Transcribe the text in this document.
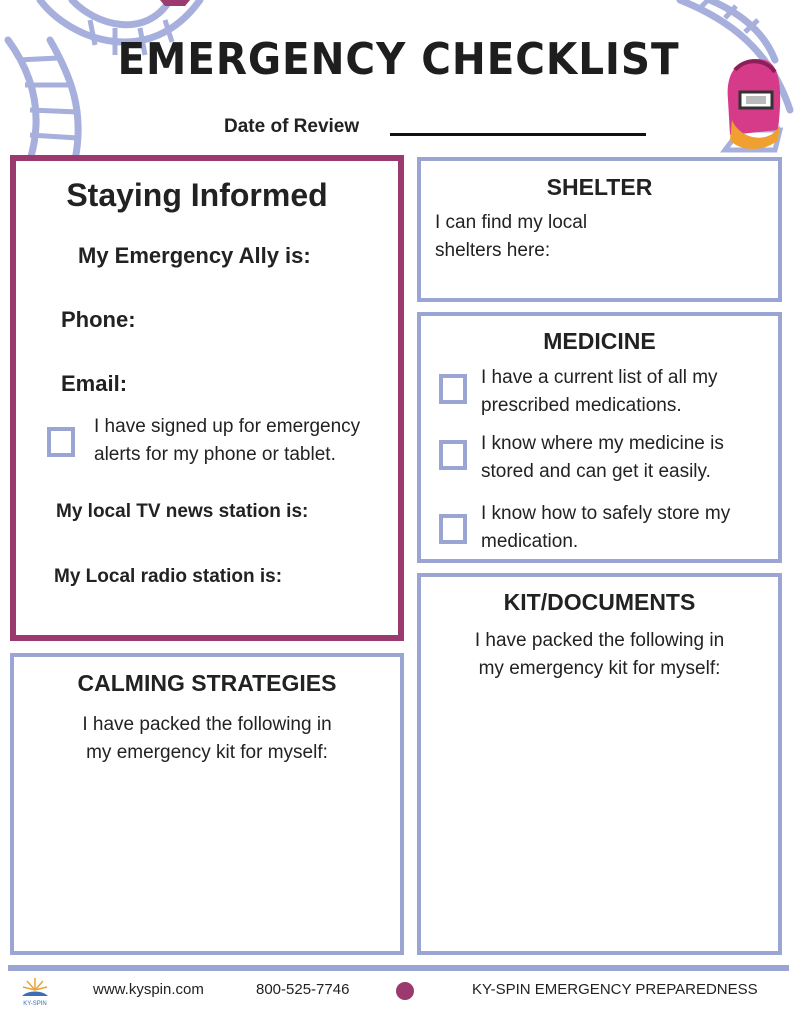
EMERGENCY CHECKLIST
Date of Review
Staying Informed
My Emergency Ally is:
Phone:
Email:
I have signed up for emergency
alerts for my phone or tablet.
My local TV news station is:
My Local radio station is:
SHELTER
I can find my local
shelters here:
MEDICINE
I have a current list of all my
prescribed medications.
I know where my medicine is
stored and can get it easily.
I know how to safely store my
medication.
KIT/DOCUMENTS
I have packed the following in
my emergency kit for myself:
CALMING STRATEGIES
I have packed the following in
my emergency kit for myself:
KY-SPIN
www.kyspin.com	800-525-7746	KY-SPIN EMERGENCY PREPAREDNESS
